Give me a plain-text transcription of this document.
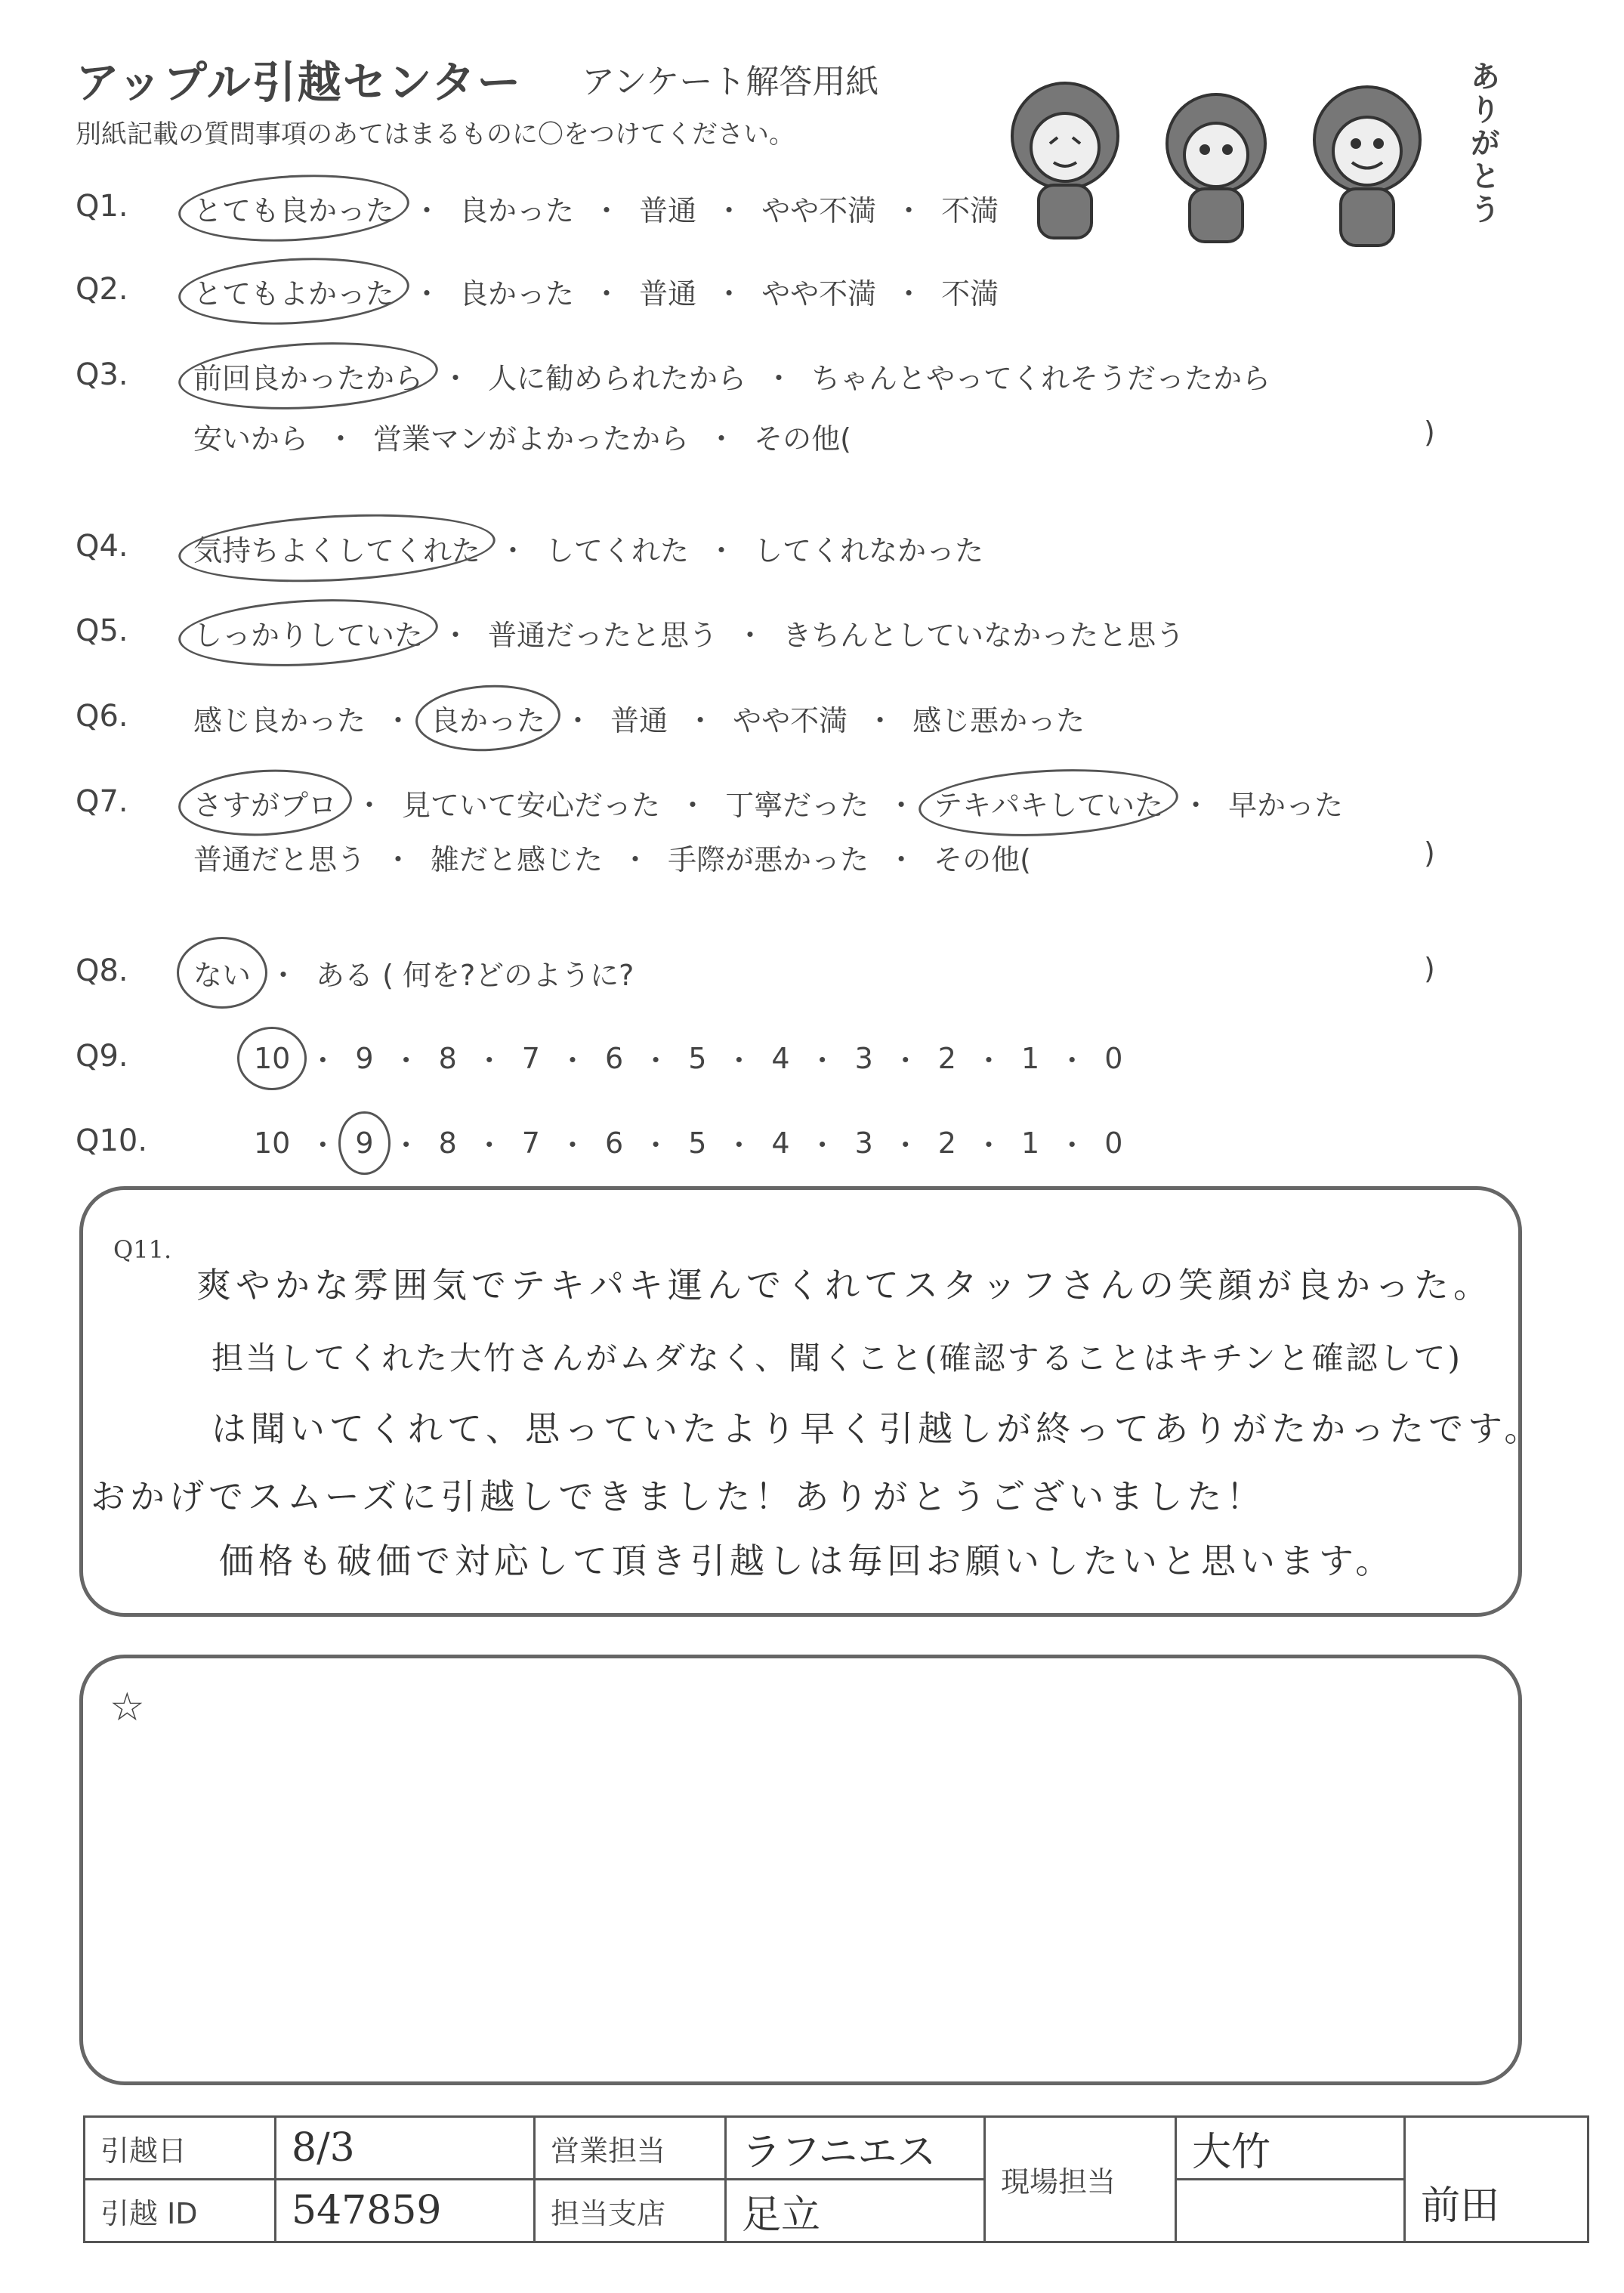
アップル引越センター アンケート解答用紙
別紙記載の質問事項のあてはまるものに〇をつけてください。	ありがとう
Q1. とても良かった ・ 良かった ・ 普通 ・ やや不満 ・ 不満
Q2. とてもよかった ・ 良かった ・ 普通 ・ やや不満 ・ 不満
Q3. 前回良かったから ・ 人に勧められたから ・ ちゃんとやってくれそうだったから
安いから ・ 営業マンがよかったから ・ その他(	)
Q4. 気持ちよくしてくれた ・ してくれた ・ してくれなかった
Q5. しっかりしていた ・ 普通だったと思う ・ きちんとしていなかったと思う
Q6. 感じ良かった ・ 良かった ・ 普通 ・ やや不満 ・ 感じ悪かった
Q7. さすがプロ ・ 見ていて安心だった ・ 丁寧だった ・ テキパキしていた ・ 早かった
普通だと思う ・ 雑だと感じた ・ 手際が悪かった ・ その他(	)
Q8. ない ・ ある ( 何を?どのように?	)
Q9.	10 ・ 9 ・ 8 ・ 7 ・ 6 ・ 5 ・ 4 ・ 3 ・ 2 ・ 1 ・ 0
Q10.	10 ・ 9 ・ 8 ・ 7 ・ 6 ・ 5 ・ 4 ・ 3 ・ 2 ・ 1 ・ 0
Q11.
爽やかな雰囲気でテキパキ運んでくれてスタッフさんの笑顔が良かった。
担当してくれた大竹さんがムダなく、聞くこと(確認することはキチンと確認して)
は聞いてくれて、思っていたより早く引越しが終ってありがたかったです。
おかげでスムーズに引越しできました！ありがとうございました！
価格も破価で対応して頂き引越しは毎回お願いしたいと思います。
☆
引越日	8/3	営業担当	ラフニエス	現場担当	大竹	前田

引越 ID	547859	担当支店	足立			
